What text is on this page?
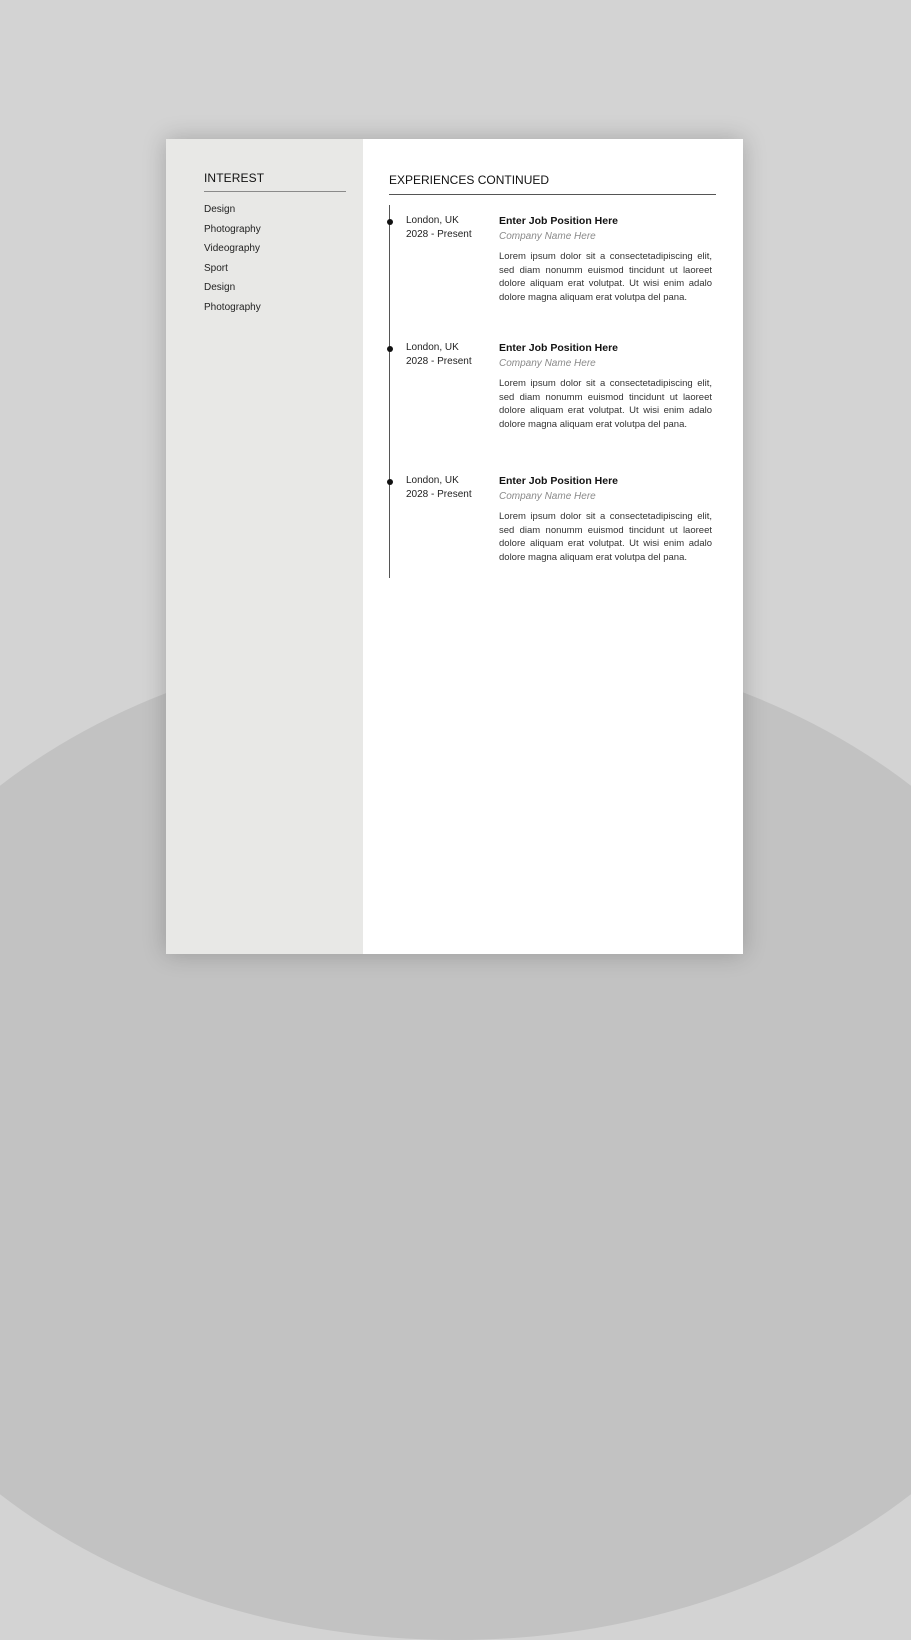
INTEREST
Design
Photography
Videography
Sport
Design
Photography
EXPERIENCES CONTINUED
London, UK
2028 - Present
Enter Job Position Here
Company Name Here
Lorem ipsum dolor sit a consectetadipiscing elit, sed diam nonumm euismod tincidunt ut laoreet dolore aliquam erat volutpat. Ut wisi enim adalo dolore magna aliquam erat volutpa del pana.
London, UK
2028 - Present
Enter Job Position Here
Company Name Here
Lorem ipsum dolor sit a consectetadipiscing elit, sed diam nonumm euismod tincidunt ut laoreet dolore aliquam erat volutpat. Ut wisi enim adalo dolore magna aliquam erat volutpa del pana.
London, UK
2028 - Present
Enter Job Position Here
Company Name Here
Lorem ipsum dolor sit a consectetadipiscing elit, sed diam nonumm euismod tincidunt ut laoreet dolore aliquam erat volutpat. Ut wisi enim adalo dolore magna aliquam erat volutpa del pana.
